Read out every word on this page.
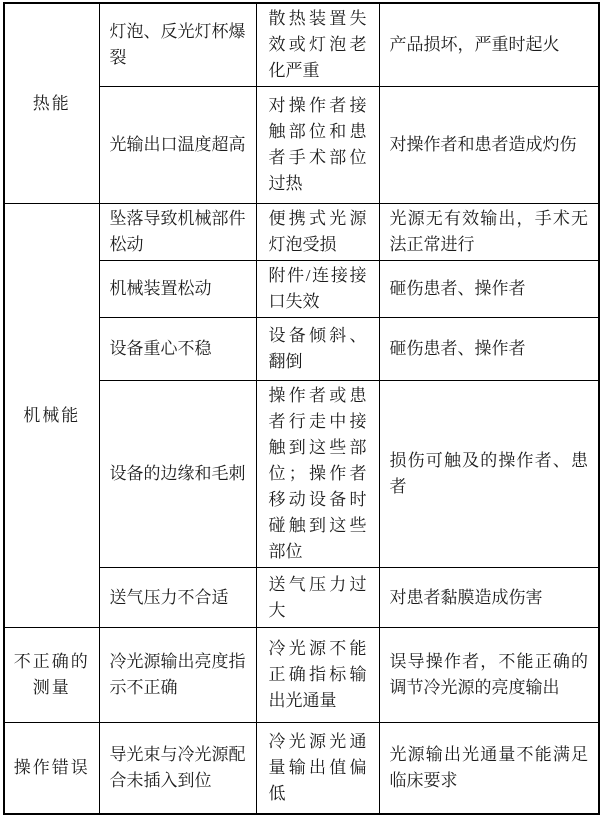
热能	灯泡、反光灯杯爆裂	散热装置失效或灯泡老化严重	产品损坏，严重时起火
	光输出口温度超高	对操作者接触部位和患者手术部位过热	对操作者和患者造成灼伤
机械能	坠落导致机械部件松动	便携式光源灯泡受损	光源无有效输出，手术无法正常进行
	机械装置松动	附件/连接接口失效	砸伤患者、操作者
	设备重心不稳	设备倾斜、翻倒	砸伤患者、操作者
	设备的边缘和毛刺	操作者或患者行走中接触到这些部位；操作者移动设备时碰触到这些部位	损伤可触及的操作者、患者
	送气压力不合适	送气压力过大	对患者黏膜造成伤害
不正确的测量	冷光源输出亮度指示不正确	冷光源不能正确指标输出光通量	误导操作者，不能正确的调节冷光源的亮度输出
操作错误	导光束与冷光源配合未插入到位	冷光源光通量输出值偏低	光源输出光通量不能满足临床要求
